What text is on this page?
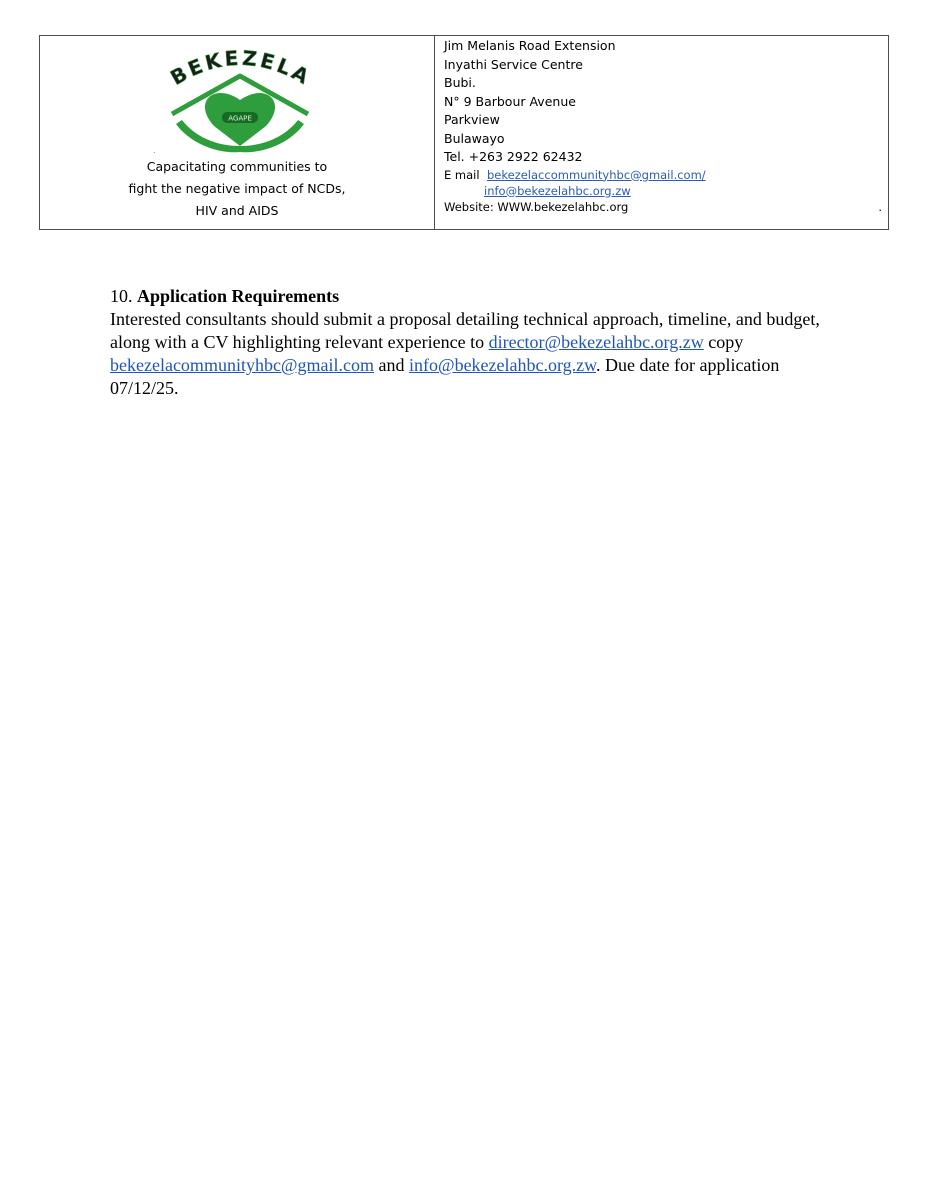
BEKEZELA
AGAPE
.
Capacitating communities to
fight the negative impact of NCDs,
HIV and AIDS
Jim Melanis Road Extension
Inyathi Service Centre
Bubi.
N° 9 Barbour Avenue
Parkview
Bulawayo
Tel. +263 2922 62432
E mail bekezelaccommunityhbc@gmail.com/
info@bekezelahbc.org.zw
Website: WWW.bekezelahbc.org	.

10. Application Requirements

Interested consultants should submit a proposal detailing technical approach, timeline, and budget, along with a CV highlighting relevant experience to director@bekezelahbc.org.zw copy bekezelacommunityhbc@gmail.com and info@bekezelahbc.org.zw. Due date for application 07/12/25.
